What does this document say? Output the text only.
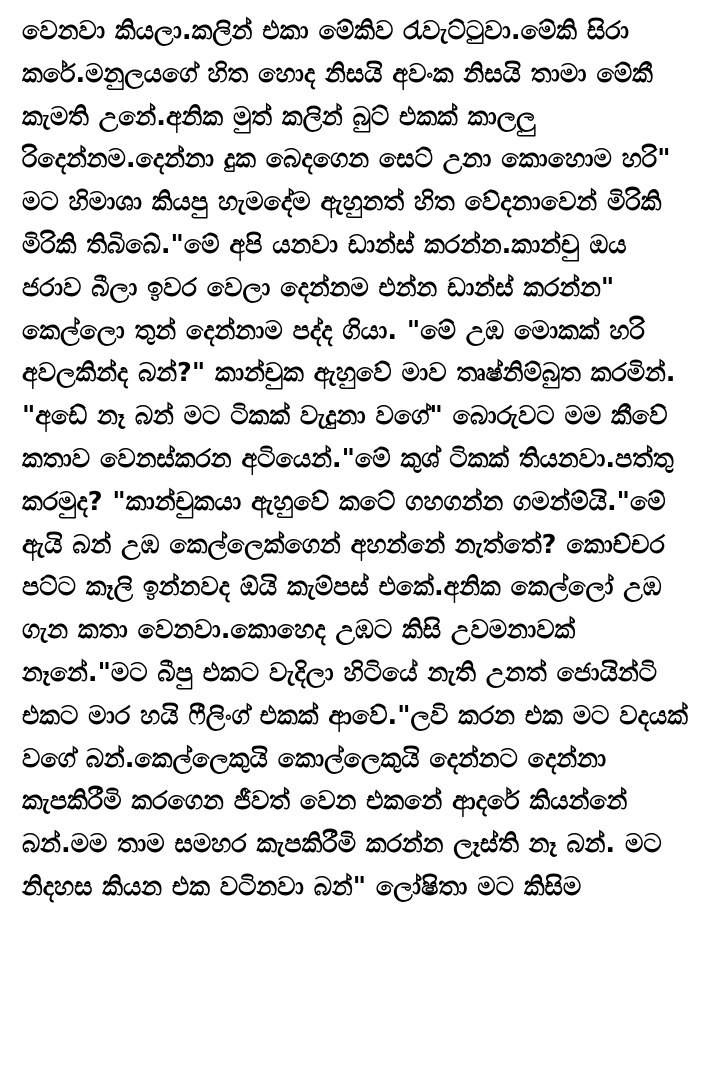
වෙනවා කියලා.කලින් එකා මේකිව රැවැට්ටුවා.මේකි සිරා කරේ.මනුලයගේ හිත හොද නිසයි අවංක නිසයි තාමා මේකී කැමති උනේ.අනික මුත් කලින් බුට් එකක් කාලලු රිදෙන්නම.දෙන්නා දුක බෙදගෙන සෙට් උනා කොහොම හරි" මට හිමාශා කියපු හැමදේම ඇහුනත් හිත වේදනාවෙන් මිරිකි මිරිකි තිබිබේ."මේ අපි යනවා ඩාන්ස් කරන්න.කාන්චු ඔය ජරාව බීලා ඉවර වෙලා දෙන්නම එන්න ඩාන්ස් කරන්න" කෙල්ලො තුන් දෙන්නාම පද්ද ගියා. "මේ උඹ මොකක් හරි අවලකින්ද බන්?" කාන්චුක ඇහුවේ මාව තෘෂ්නිම්බුත කරමින්. "අඩේ නෑ බන් මට ටිකක් වැදුනා වගේ" බොරුවට මම කීවේ කතාව වෙනස්කරන අටියෙන්."මේ කුශ් ටිකක් තියනවා.පත්තු කරමුද? "කාන්චුකයා ඇහුවේ කටේ ගහගන්න ගමන්ම්යි."මේ ඇයි බන් උඹ කෙල්ලෙක්ගෙන් අහන්නේ නැත්තේ? කොච්චර පට්ට කෑලි ඉන්නවද ඕයි කැම්පස් එකේ.අනික කෙල්ලෝ උඹ ගැන කතා වෙනවා.කොහෙද උඹට කිසි උවමනාවක් නෑනේ."මට බීපු එකට වැදිලා හිටියේ නැති උනත් ජොයින්ටි එකට මාර හයි ෆීලිංග් එකක් ආවේ."ලවි කරන එක මට වදයක් වගේ බන්.කෙල්ලෙකුයි කොල්ලෙකුයි දෙන්නට දෙන්නා කැපකිරීමි කරගෙන ජීවත් වෙන එකනේ ආදරේ කියන්නේ බන්.මම තාම සමහර කැපකිරීමි කරන්න ලෑස්ති නෑ බන්. මට නිදහස කියන එක වටිනවා බන්" ලෝෂිතා මට කිසිම
